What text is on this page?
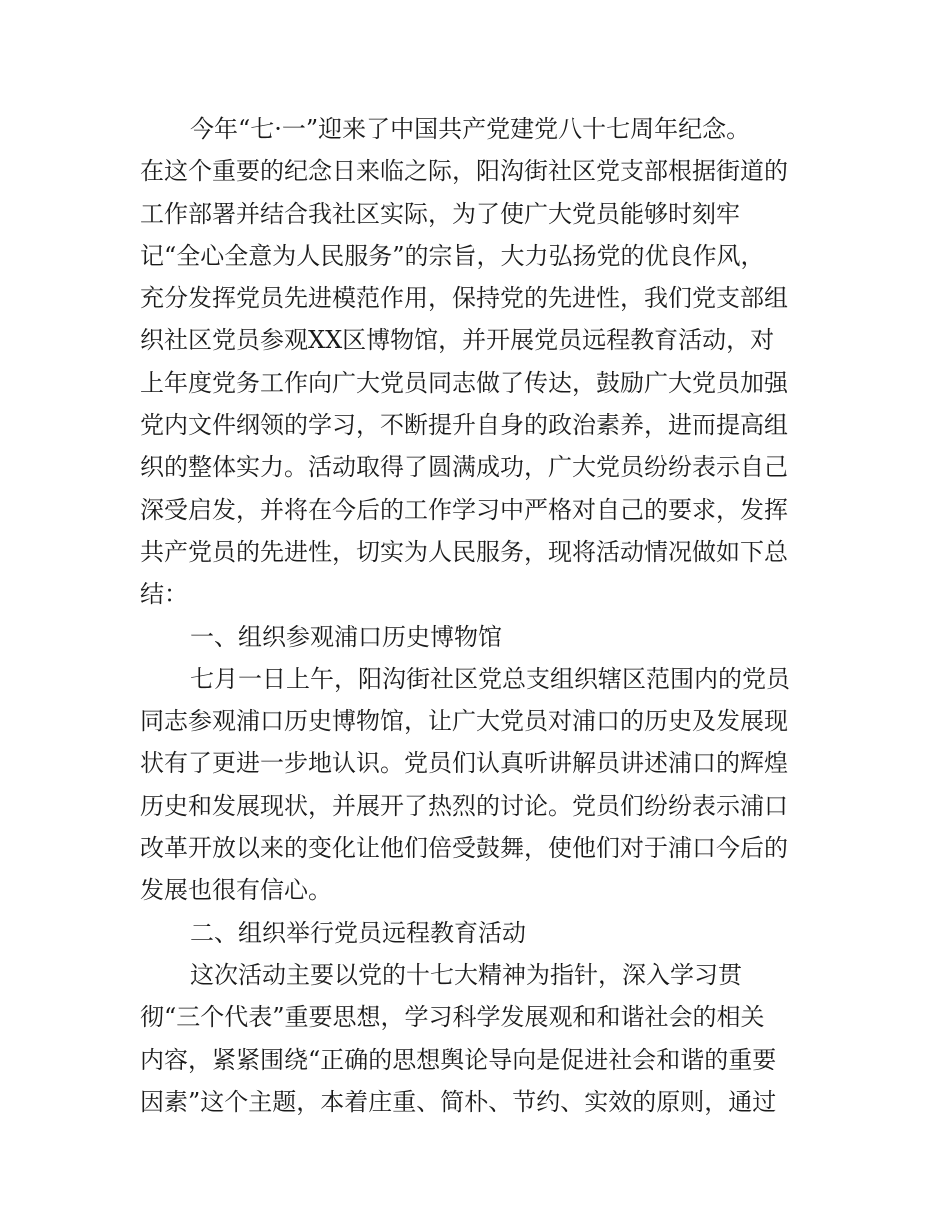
今年“七·一”迎来了中国共产党建党八十七周年纪念。
在这个重要的纪念日来临之际，阳沟街社区党支部根据街道的
工作部署并结合我社区实际，为了使广大党员能够时刻牢
记“全心全意为人民服务”的宗旨，大力弘扬党的优良作风，
充分发挥党员先进模范作用，保持党的先进性，我们党支部组
织社区党员参观XX区博物馆，并开展党员远程教育活动，对
上年度党务工作向广大党员同志做了传达，鼓励广大党员加强
党内文件纲领的学习，不断提升自身的政治素养，进而提高组
织的整体实力。活动取得了圆满成功，广大党员纷纷表示自己
深受启发，并将在今后的工作学习中严格对自己的要求，发挥
共产党员的先进性，切实为人民服务，现将活动情况做如下总
结：
一、组织参观浦口历史博物馆
七月一日上午，阳沟街社区党总支组织辖区范围内的党员
同志参观浦口历史博物馆，让广大党员对浦口的历史及发展现
状有了更进一步地认识。党员们认真听讲解员讲述浦口的辉煌
历史和发展现状，并展开了热烈的讨论。党员们纷纷表示浦口
改革开放以来的变化让他们倍受鼓舞，使他们对于浦口今后的
发展也很有信心。
二、组织举行党员远程教育活动
这次活动主要以党的十七大精神为指针，深入学习贯
彻“三个代表”重要思想，学习科学发展观和和谐社会的相关
内容，紧紧围绕“正确的思想舆论导向是促进社会和谐的重要
因素”这个主题，本着庄重、简朴、节约、实效的原则，通过
